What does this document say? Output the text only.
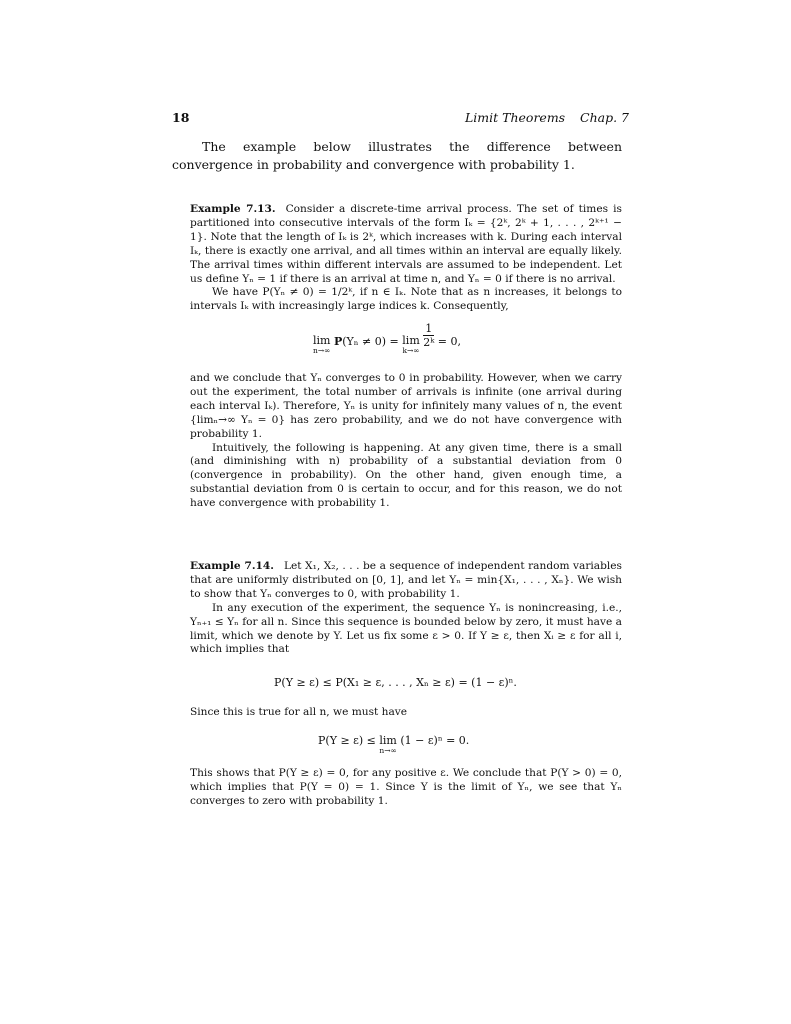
18	Limit Theorems Chap. 7
The example below illustrates the difference between convergence in probability and convergence with probability 1.

Example 7.13. Consider a discrete-time arrival process. The set of times is partitioned into consecutive intervals of the form Iₖ = {2ᵏ, 2ᵏ + 1, . . . , 2ᵏ⁺¹ − 1}. Note that the length of Iₖ is 2ᵏ, which increases with k. During each interval Iₖ, there is exactly one arrival, and all times within an interval are equally likely. The arrival times within different intervals are assumed to be independent. Let us define Yₙ = 1 if there is an arrival at time n, and Yₙ = 0 if there is no arrival.

We have P(Yₙ ≠ 0) = 1/2ᵏ, if n ∈ Iₖ. Note that as n increases, it belongs to intervals Iₖ with increasingly large indices k. Consequently,

lim
n→∞
P(Yₙ ≠ 0) = lim
k→∞

$\frac{1}{\text{2ᵏ}} = 0$,

and we conclude that Yₙ converges to 0 in probability. However, when we carry out the experiment, the total number of arrivals is infinite (one arrival during each interval Iₖ). Therefore, Yₙ is unity for infinitely many values of n, the event {limₙ→∞ Yₙ = 0} has zero probability, and we do not have convergence with probability 1.

Intuitively, the following is happening. At any given time, there is a small (and diminishing with n) probability of a substantial deviation from 0 (convergence in probability). On the other hand, given enough time, a substantial deviation from 0 is certain to occur, and for this reason, we do not have convergence with probability 1.

Example 7.14. Let X₁, X₂, . . . be a sequence of independent random variables that are uniformly distributed on [0, 1], and let Yₙ = min{X₁, . . . , Xₙ}. We wish to show that Yₙ converges to 0, with probability 1.

In any execution of the experiment, the sequence Yₙ is nonincreasing, i.e., Yₙ₊₁ ≤ Yₙ for all n. Since this sequence is bounded below by zero, it must have a limit, which we denote by Y. Let us fix some ε > 0. If Y ≥ ε, then Xᵢ ≥ ε for all i, which implies that

P(Y ≥ ε) ≤ P(X₁ ≥ ε, . . . , Xₙ ≥ ε) = (1 − ε)ⁿ.

Since this is true for all n, we must have

P(Y ≥ ε) ≤ lim
n→∞
(1 − ε)ⁿ = 0.

This shows that P(Y ≥ ε) = 0, for any positive ε. We conclude that P(Y > 0) = 0, which implies that P(Y = 0) = 1. Since Y is the limit of Yₙ, we see that Yₙ converges to zero with probability 1.
